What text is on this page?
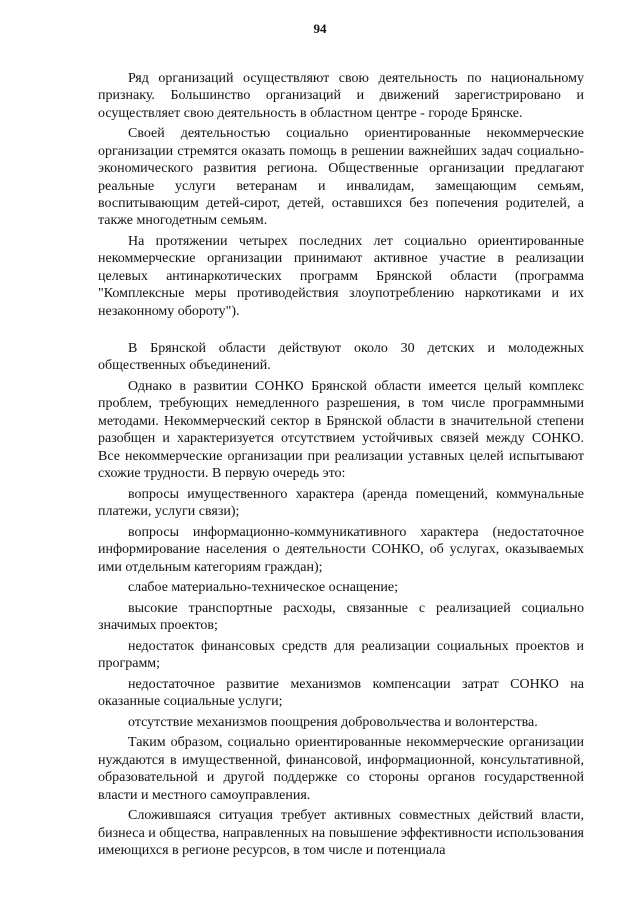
94

Ряд организаций осуществляют свою деятельность по национальному признаку. Большинство организаций и движений зарегистрировано и осуществляет свою деятельность в областном центре - городе Брянске.

Своей деятельностью социально ориентированные некоммерческие организации стремятся оказать помощь в решении важнейших задач социально-экономического развития региона. Общественные организации предлагают реальные услуги ветеранам и инвалидам, замещающим семьям, воспитывающим детей-сирот, детей, оставшихся без попечения родителей, а также многодетным семьям.

На протяжении четырех последних лет социально ориентированные некоммерческие организации принимают активное участие в реализации целевых антинаркотических программ Брянской области (программа "Комплексные меры противодействия злоупотреблению наркотиками и их незаконному обороту").

В Брянской области действуют около 30 детских и молодежных общественных объединений.

Однако в развитии СОНКО Брянской области имеется целый комплекс проблем, требующих немедленного разрешения, в том числе программными методами. Некоммерческий сектор в Брянской области в значительной степени разобщен и характеризуется отсутствием устойчивых связей между СОНКО. Все некоммерческие организации при реализации уставных целей испытывают схожие трудности. В первую очередь это:

вопросы имущественного характера (аренда помещений, коммунальные платежи, услуги связи);

вопросы информационно-коммуникативного характера (недостаточное информирование населения о деятельности СОНКО, об услугах, оказываемых ими отдельным категориям граждан);

слабое материально-техническое оснащение;

высокие транспортные расходы, связанные с реализацией социально значимых проектов;

недостаток финансовых средств для реализации социальных проектов и программ;

недостаточное развитие механизмов компенсации затрат СОНКО на оказанные социальные услуги;

отсутствие механизмов поощрения добровольчества и волонтерства.

Таким образом, социально ориентированные некоммерческие организации нуждаются в имущественной, финансовой, информационной, консультативной, образовательной и другой поддержке со стороны органов государственной власти и местного самоуправления.

Сложившаяся ситуация требует активных совместных действий власти, бизнеса и общества, направленных на повышение эффективности использования имеющихся в регионе ресурсов, в том числе и потенциала
